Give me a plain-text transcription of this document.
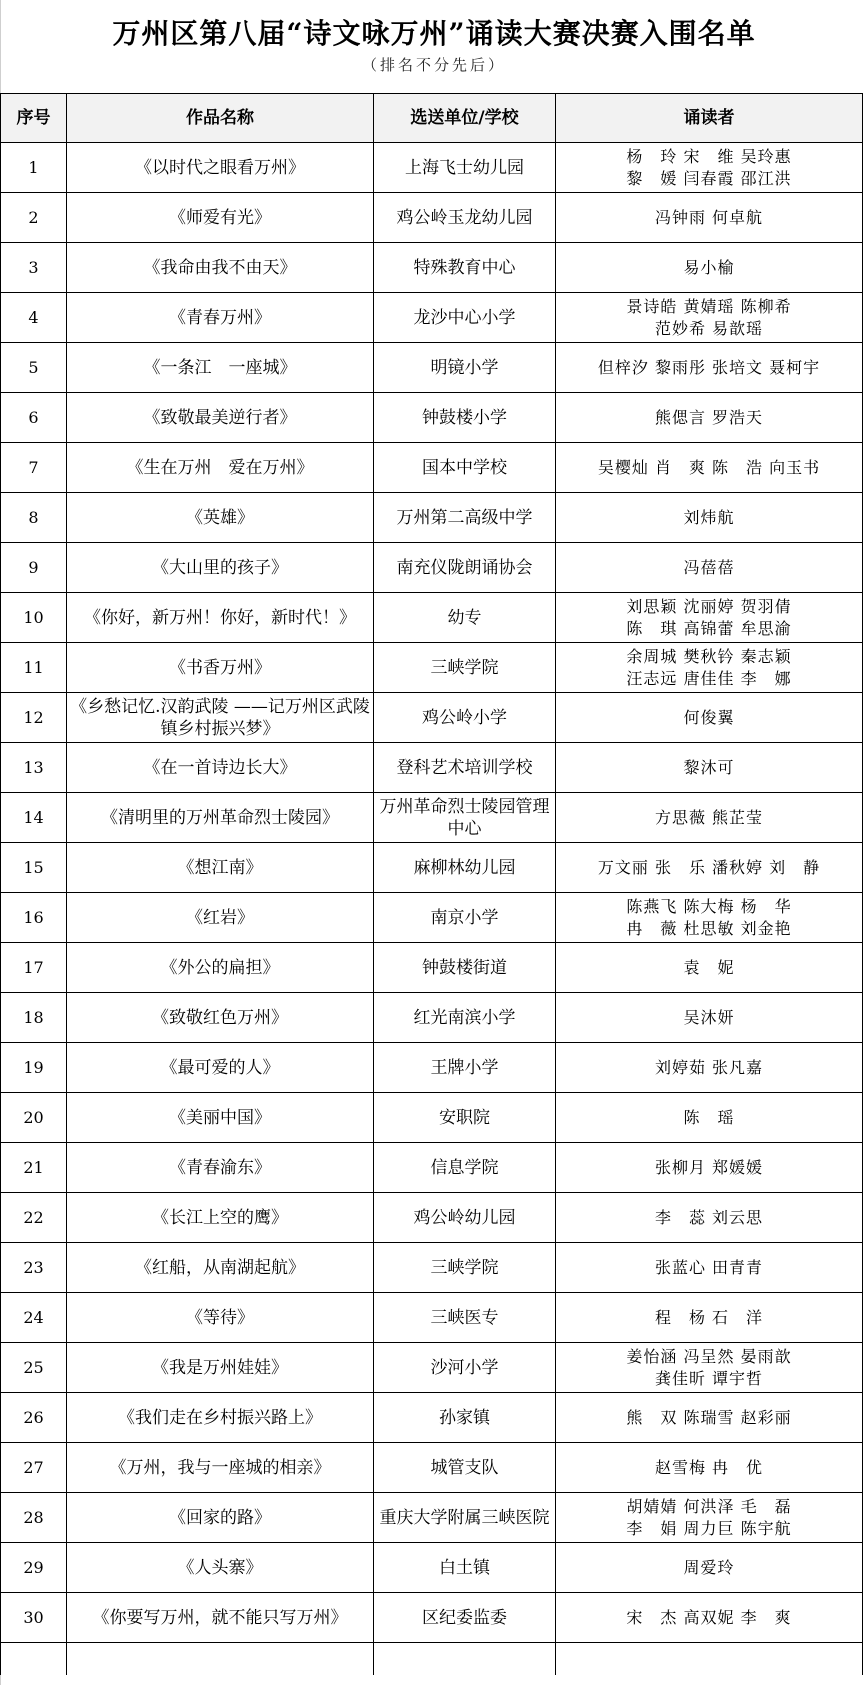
万州区第八届“诗文咏万州”诵读大赛决赛入围名单
（排名不分先后）
序号	作品名称	选送单位/学校	诵读者
1	《以时代之眼看万州》	上海飞士幼儿园	杨　玲 宋　维 吴玲惠
黎　媛 闫春霞 邵江洪

2	《师爱有光》	鸡公岭玉龙幼儿园	冯钟雨 何卓航

3	《我命由我不由天》	特殊教育中心	易小榆

4	《青春万州》	龙沙中心小学	景诗皓 黄婧瑶 陈柳希
范妙希 易歆瑶

5	《一条江　一座城》	明镜小学	但梓汐 黎雨彤 张培文 聂柯宇

6	《致敬最美逆行者》	钟鼓楼小学	熊偲言 罗浩天

7	《生在万州　爱在万州》	国本中学校	吴樱灿 肖　爽 陈　浩 向玉书

8	《英雄》	万州第二高级中学	刘炜航

9	《大山里的孩子》	南充仪陇朗诵协会	冯蓓蓓

10	《你好，新万州！你好，新时代！》	幼专	刘思颖 沈丽婷 贺羽倩
陈　琪 高锦蕾 牟思渝

11	《书香万州》	三峡学院	余周城 樊秋钤 秦志颖
汪志远 唐佳佳 李　娜

12	《乡愁记忆.汉韵武陵 ——记万州区武陵镇乡村振兴梦》	鸡公岭小学	何俊翼

13	《在一首诗边长大》	登科艺术培训学校	黎沐可

14	《清明里的万州革命烈士陵园》	万州革命烈士陵园管理中心	方思薇 熊芷莹

15	《想江南》	麻柳林幼儿园	万文丽 张　乐 潘秋婷 刘　静

16	《红岩》	南京小学	陈燕飞 陈大梅 杨　华
冉　薇 杜思敏 刘金艳

17	《外公的扁担》	钟鼓楼街道	袁　妮

18	《致敬红色万州》	红光南滨小学	吴沐妍

19	《最可爱的人》	王牌小学	刘婷茹 张凡嘉

20	《美丽中国》	安职院	陈　瑶

21	《青春渝东》	信息学院	张柳月 郑媛媛

22	《长江上空的鹰》	鸡公岭幼儿园	李　蕊 刘云思

23	《红船，从南湖起航》	三峡学院	张蓝心 田青青

24	《等待》	三峡医专	程　杨 石　洋

25	《我是万州娃娃》	沙河小学	姜怡涵 冯呈然 晏雨歆
龚佳昕 谭宇哲

26	《我们走在乡村振兴路上》	孙家镇	熊　双 陈瑞雪 赵彩丽

27	《万州，我与一座城的相亲》	城管支队	赵雪梅 冉　优

28	《回家的路》	重庆大学附属三峡医院	胡婧婧 何洪泽 毛　磊
李　娟 周力巨 陈宇航

29	《人头寨》	白土镇	周爱玲

30	《你要写万州，就不能只写万州》	区纪委监委	宋　杰 高双妮 李　爽
